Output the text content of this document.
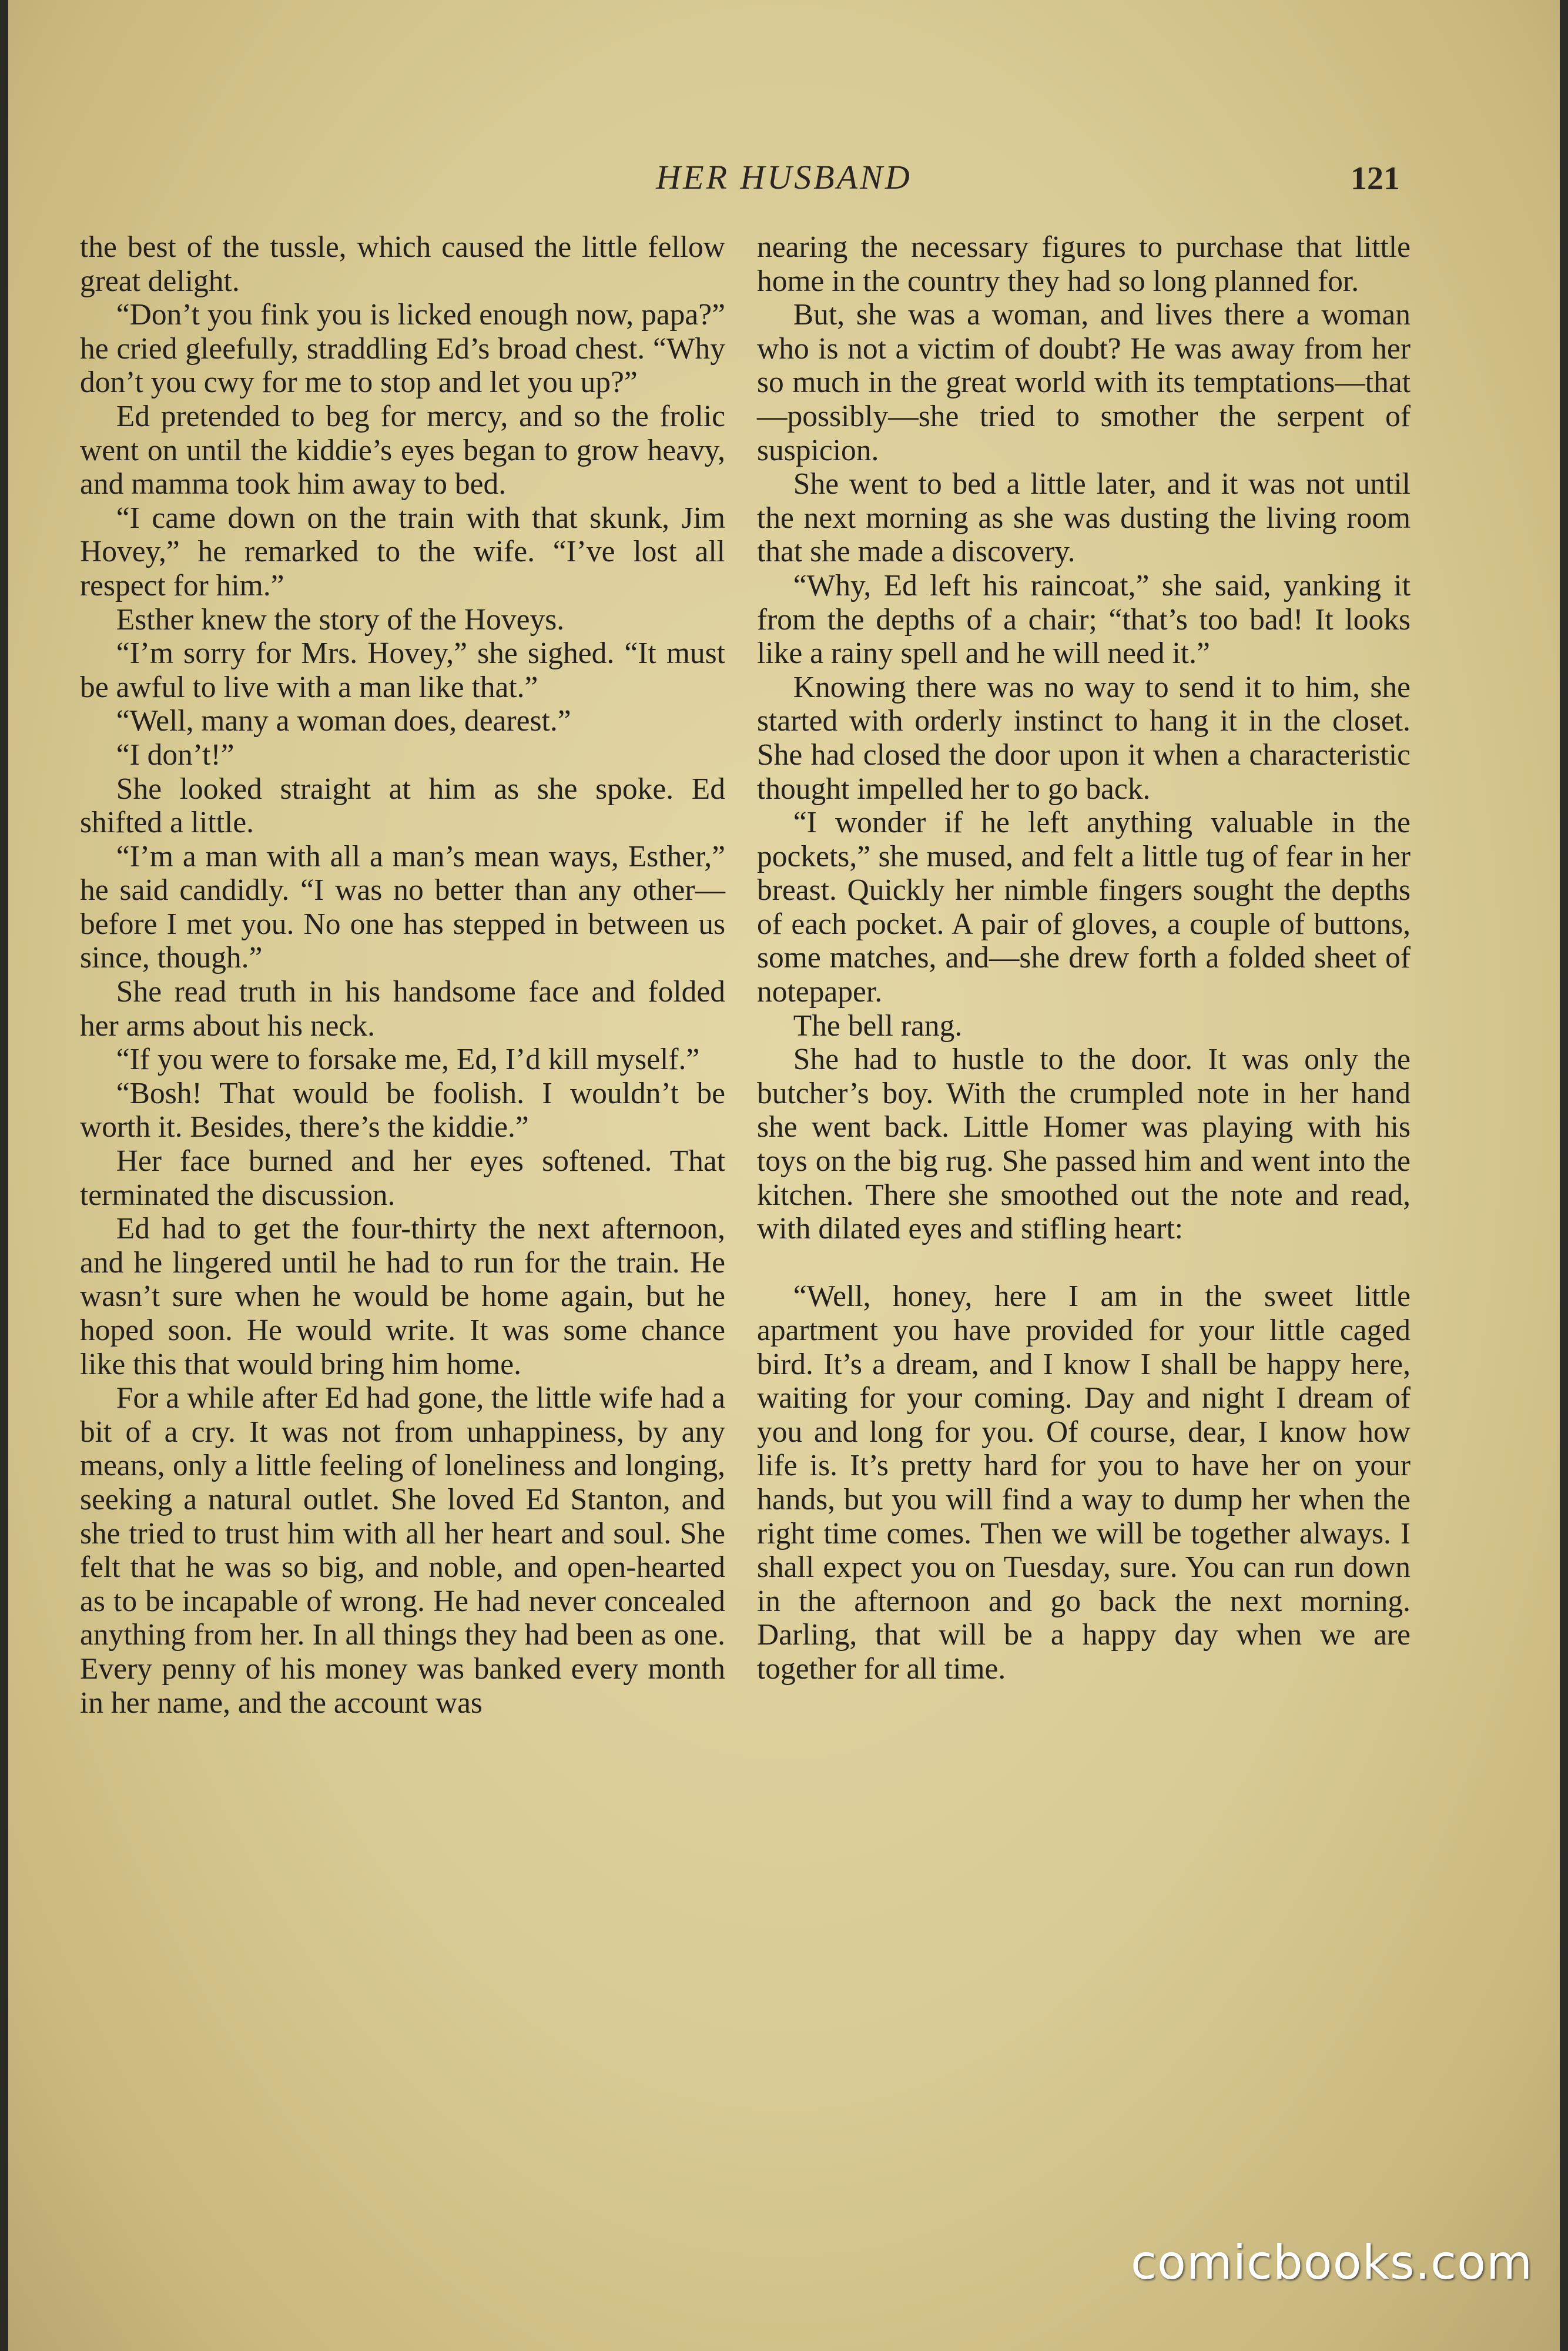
HER HUSBAND	121

the best of the tussle, which caused the little fellow great delight.

“Don’t you fink you is licked enough now, papa?” he cried gleefully, straddling Ed’s broad chest. “Why don’t you cwy for me to stop and let you up?”

Ed pretended to beg for mercy, and so the frolic went on until the kiddie’s eyes began to grow heavy, and mamma took him away to bed.

“I came down on the train with that skunk, Jim Hovey,” he remarked to the wife. “I’ve lost all respect for him.”

Esther knew the story of the Hoveys.

“I’m sorry for Mrs. Hovey,” she sighed. “It must be awful to live with a man like that.”

“Well, many a woman does, dearest.”

“I don’t!”

She looked straight at him as she spoke. Ed shifted a little.

“I’m a man with all a man’s mean ways, Esther,” he said candidly. “I was no better than any other—before I met you. No one has stepped in between us since, though.”

She read truth in his handsome face and folded her arms about his neck.

“If you were to forsake me, Ed, I’d kill myself.”

“Bosh! That would be foolish. I wouldn’t be worth it. Besides, there’s the kiddie.”

Her face burned and her eyes softened. That terminated the discussion.

Ed had to get the four-thirty the next afternoon, and he lingered until he had to run for the train. He wasn’t sure when he would be home again, but he hoped soon. He would write. It was some chance like this that would bring him home.

For a while after Ed had gone, the little wife had a bit of a cry. It was not from unhappiness, by any means, only a little feeling of loneliness and longing, seeking a natural outlet. She loved Ed Stanton, and she tried to trust him with all her heart and soul. She felt that he was so big, and noble, and open-hearted as to be incapable of wrong. He had never concealed anything from her. In all things they had been as one. Every penny of his money was banked every month in her name, and the account was

nearing the necessary figures to purchase that little home in the country they had so long planned for.

But, she was a woman, and lives there a woman who is not a victim of doubt? He was away from her so much in the great world with its temptations—that —possibly—she tried to smother the serpent of suspicion.

She went to bed a little later, and it was not until the next morning as she was dusting the living room that she made a discovery.

“Why, Ed left his raincoat,” she said, yanking it from the depths of a chair; “that’s too bad! It looks like a rainy spell and he will need it.”

Knowing there was no way to send it to him, she started with orderly instinct to hang it in the closet. She had closed the door upon it when a characteristic thought impelled her to go back.

“I wonder if he left anything valuable in the pockets,” she mused, and felt a little tug of fear in her breast. Quickly her nimble fingers sought the depths of each pocket. A pair of gloves, a couple of buttons, some matches, and—she drew forth a folded sheet of notepaper.

The bell rang.

She had to hustle to the door. It was only the butcher’s boy. With the crumpled note in her hand she went back. Little Homer was playing with his toys on the big rug. She passed him and went into the kitchen. There she smoothed out the note and read, with dilated eyes and stifling heart:

“Well, honey, here I am in the sweet little apartment you have provided for your little caged bird. It’s a dream, and I know I shall be happy here, waiting for your coming. Day and night I dream of you and long for you. Of course, dear, I know how life is. It’s pretty hard for you to have her on your hands, but you will find a way to dump her when the right time comes. Then we will be together always. I shall expect you on Tuesday, sure. You can run down in the afternoon and go back the next morning. Darling, that will be a happy day when we are together for all time.

comicbooks.com
